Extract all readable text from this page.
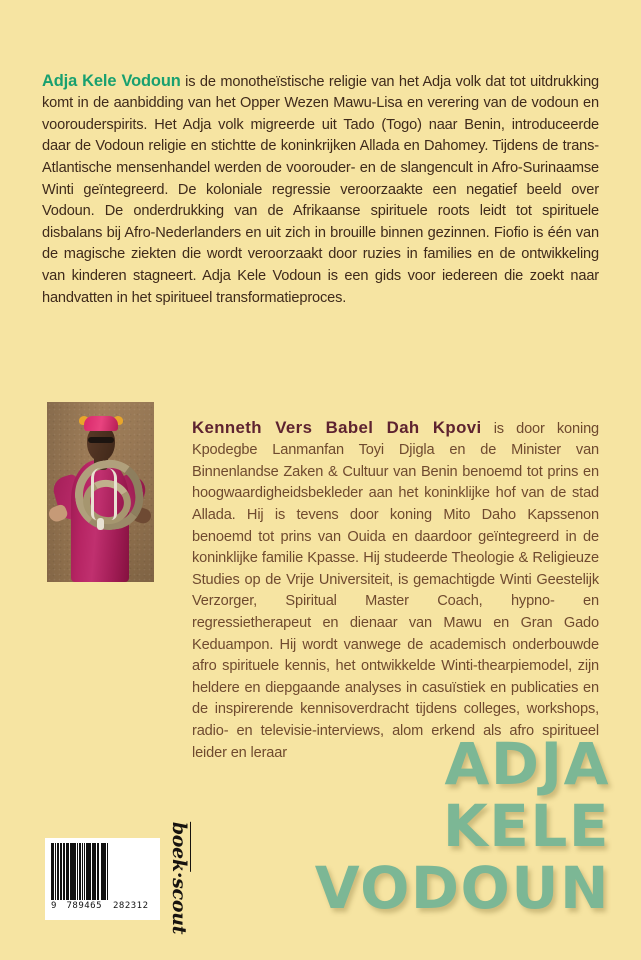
Adja Kele Vodoun is de monotheïstische religie van het Adja volk dat tot uitdrukking komt in de aanbidding van het Opper Wezen Mawu-Lisa en verering van de vodoun en voorouderspirits. Het Adja volk migreerde uit Tado (Togo) naar Benin, introduceerde daar de Vodoun religie en stichtte de koninkrijken Allada en Dahomey. Tijdens de trans-Atlantische mensenhandel werden de voorouder- en de slangencult in Afro-Surinaamse Winti geïntegreerd. De koloniale regressie veroorzaakte een negatief beeld over Vodoun. De onderdrukking van de Afrikaanse spirituele roots leidt tot spirituele disbalans bij Afro-Nederlanders en uit zich in brouille binnen gezinnen. Fiofio is één van de magische ziekten die wordt veroorzaakt door ruzies in families en de ontwikkeling van kinderen stagneert. Adja Kele Vodoun is een gids voor iedereen die zoekt naar handvatten in het spiritueel transformatieproces.

Kenneth Vers Babel Dah Kpovi is door koning Kpodegbe Lanmanfan Toyi Djigla en de Minister van Binnenlandse Zaken & Cultuur van Benin benoemd tot prins en hoogwaardigheidsbekleder aan het koninklijke hof van de stad Allada. Hij is tevens door koning Mito Daho Kapssenon benoemd tot prins van Ouida en daardoor geïntegreerd in de koninklijke familie Kpasse. Hij studeerde Theologie & Religieuze Studies op de Vrije Universiteit, is gemachtigde Winti Geestelijk Verzorger, Spiritual Master Coach, hypno- en regressietherapeut en dienaar van Mawu en Gran Gado Keduampon. Hij wordt vanwege de academisch onderbouwde afro spirituele kennis, het ontwikkelde Winti-thearpiemodel, zijn heldere en diepgaande analyses in casuïstiek en publicaties en de inspirerende kennisoverdracht tijdens colleges, workshops, radio- en televisie-interviews, alom erkend als afro spiritueel leider en leraar	ADJA
KELE
VODOUN
9	789465	282312
boek·scout
